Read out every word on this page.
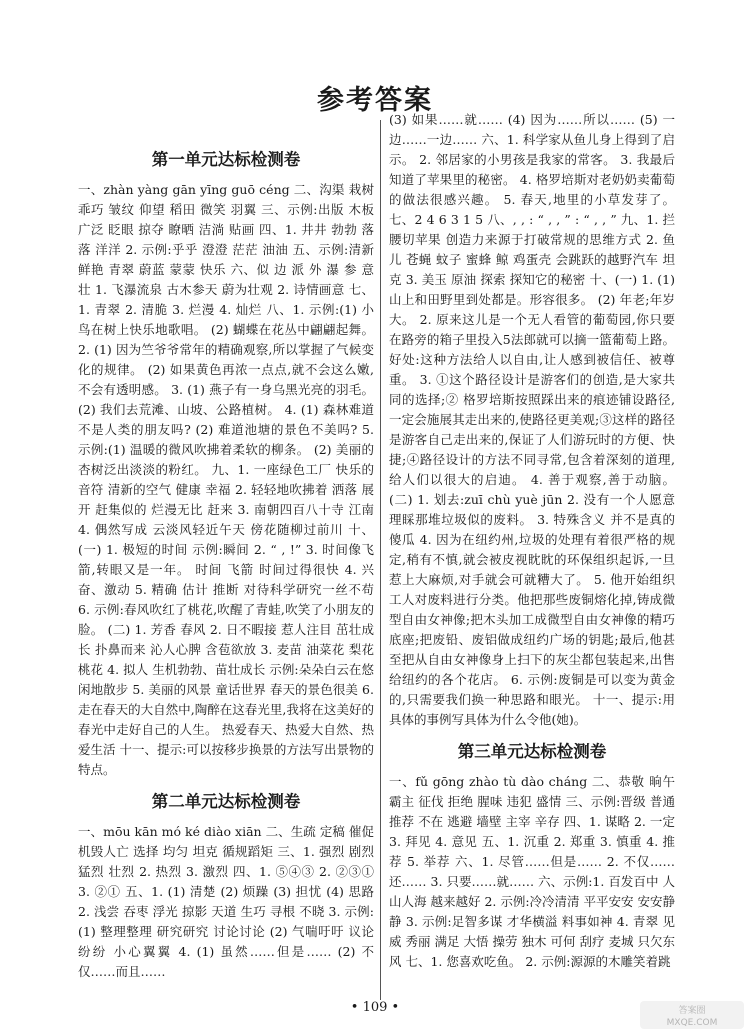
参考答案
第一单元达标检测卷

一、zhàn yàng gān yīng guō céng 二、沟渠 栽树 乖巧 皱纹 仰望 稻田 微笑 羽翼 三、示例:出版 木板 广泛 眨眼 掠夺 瞭晒 洁淌 贴画 四、1. 井井 勃勃 落落 洋洋 2. 示例:乎乎 澄澄 茫茫 油油 五、示例:清新 鲜艳 青翠 蔚蓝 蒙蒙 快乐 六、似 边 派 外 瀑 参 意 壮 1. 飞瀑流泉 古木参天 蔚为壮观 2. 诗情画意 七、1. 青翠 2. 清脆 3. 烂漫 4. 灿烂 八、1. 示例:(1) 小鸟在树上快乐地歌唱。 (2) 蝴蝶在花丛中翩翩起舞。 2. (1) 因为竺爷爷常年的精确观察,所以掌握了气候变化的规律。 (2) 如果黄色再浓一点点,就不会这么嫩,不会有透明感。 3. (1) 燕子有一身乌黑光亮的羽毛。 (2) 我们去荒滩、山坡、公路植树。 4. (1) 森林难道不是人类的朋友吗? (2) 难道池塘的景色不美吗? 5. 示例:(1) 温暖的微风吹拂着柔软的柳条。 (2) 美丽的杏树泛出淡淡的粉红。 九、1. 一座绿色工厂 快乐的音符 清新的空气 健康 幸福 2. 轻轻地吹拂着 洒落 展开 赶集似的 烂漫无比 赶来 3. 南朝四百八十寺 江南 4. 偶然写成 云淡风轻近午天 傍花随柳过前川 十、(一) 1. 极短的时间 示例:瞬间 2. “ , !” 3. 时间像飞箭,转眼又是一年。 时间 飞箭 时间过得很快 4. 兴奋、激动 5. 精确 估计 推断 对待科学研究一丝不苟 6. 示例:春风吹红了桃花,吹醒了青蛙,吹笑了小朋友的脸。 (二) 1. 芳香 春风 2. 日不暇接 惹人注目 茁壮成长 扑鼻而来 沁人心脾 含苞欲放 3. 麦苗 油菜花 梨花 桃花 4. 拟人 生机勃勃、苗壮成长 示例:朵朵白云在悠闲地散步 5. 美丽的风景 童话世界 春天的景色很美 6. 走在春天的大自然中,陶醉在这春光里,我将在这美好的春光中走好自己的人生。 热爱春天、热爱大自然、热爱生活 十一、提示:可以按移步换景的方法写出景物的特点。

第二单元达标检测卷

一、mōu kān mó ké diào xiān 二、生疏 定稿 催促 机毁人亡 选择 均匀 坦克 循规蹈矩 三、1. 强烈 剧烈 猛烈 壮烈 2. 热烈 3. 激烈 四、1. ⑤④③ 2. ②③① 3. ②① 五、1. (1) 清楚 (2) 烦躁 (3) 担忧 (4) 思路 2. 浅尝 吞枣 浮光 掠影 天道 生巧 寻根 不晓 3. 示例:(1) 整理整理 研究研究 讨论讨论 (2) 气喘吁吁 议论纷纷 小心翼翼 4. (1) 虽然……但是…… (2) 不仅……而且……

(3) 如果……就…… (4) 因为……所以…… (5) 一边……一边…… 六、1. 科学家从鱼儿身上得到了启示。 2. 邻居家的小男孩是我家的常客。 3. 我最后知道了苹果里的秘密。 4. 格罗培斯对老奶奶卖葡萄的做法很感兴趣。 5. 春天,地里的小草发芽了。 七、2 4 6 3 1 5 八、, , : “ , , ” : “ , , ” 九、1. 拦腰切苹果 创造力来源于打破常规的思维方式 2. 鱼儿 苍蝇 蚊子 蜜蜂 鲸 鸡蛋壳 会跳跃的越野汽车 坦克 3. 美玉 原油 探索 探知它的秘密 十、(一) 1. (1) 山上和田野里到处都是。形容很多。 (2) 年老;年岁大。 2. 原来这儿是一个无人看管的葡萄园,你只要在路旁的箱子里投入5法郎就可以摘一篮葡萄上路。 好处:这种方法给人以自由,让人感到被信任、被尊重。 3. ①这个路径设计是游客们的创造,是大家共同的选择;② 格罗培斯按照踩出来的痕迹铺设路径,一定会施展其走出来的,使路径更美观;③这样的路径是游客自己走出来的,保证了人们游玩时的方便、快捷;④路径设计的方法不同寻常,包含着深刻的道理,给人们以很大的启迪。 4. 善于观察,善于动脑。 (二) 1. 划去:zuī chù yuè jūn 2. 没有一个人愿意理睬那堆垃圾似的废料。 3. 特殊含义 并不是真的傻瓜 4. 因为在纽约州,垃圾的处理有着很严格的规定,稍有不慎,就会被皮视眈眈的环保组织起诉,一旦惹上大麻烦,对手就会可就糟大了。 5. 他开始组织工人对废料进行分类。他把那些废铜熔化掉,铸成微型自由女神像;把木头加工成微型自由女神像的精巧底座;把废铅、废铝做成纽约广场的钥匙;最后,他甚至把从自由女神像身上扫下的灰尘都包装起来,出售给纽约的各个花店。 6. 示例:废铜是可以变为黄金的,只需要我们换一种思路和眼光。 十一、提示:用具体的事例写具体为什么令他(她)。

第三单元达标检测卷

一、fǔ gōng zhào tù dào cháng 二、恭敬 晌午 霸主 征伐 拒绝 腥味 违犯 盛情 三、示例:晋级 普通 推荐 不在 逃避 墙壁 主宰 辛存 四、1. 谋略 2. 一定 3. 拜见 4. 意见 五、1. 沉重 2. 郑重 3. 慎重 4. 推荐 5. 举荐 六、1. 尽管……但是…… 2. 不仅……还…… 3. 只要……就…… 六、示例:1. 百发百中 人山人海 越来越好 2. 示例:冷冷清清 平平安安 安安静静 3. 示例:足智多谋 才华横溢 料事如神 4. 青翠 见威 秀丽 满足 大悟 操劳 独木 可何 刮疗 麦城 只欠东风 七、1. 您喜欢吃鱼。 2. 示例:源源的木雕笑着跳

• 109 •	答案圈
MXQE.COM
